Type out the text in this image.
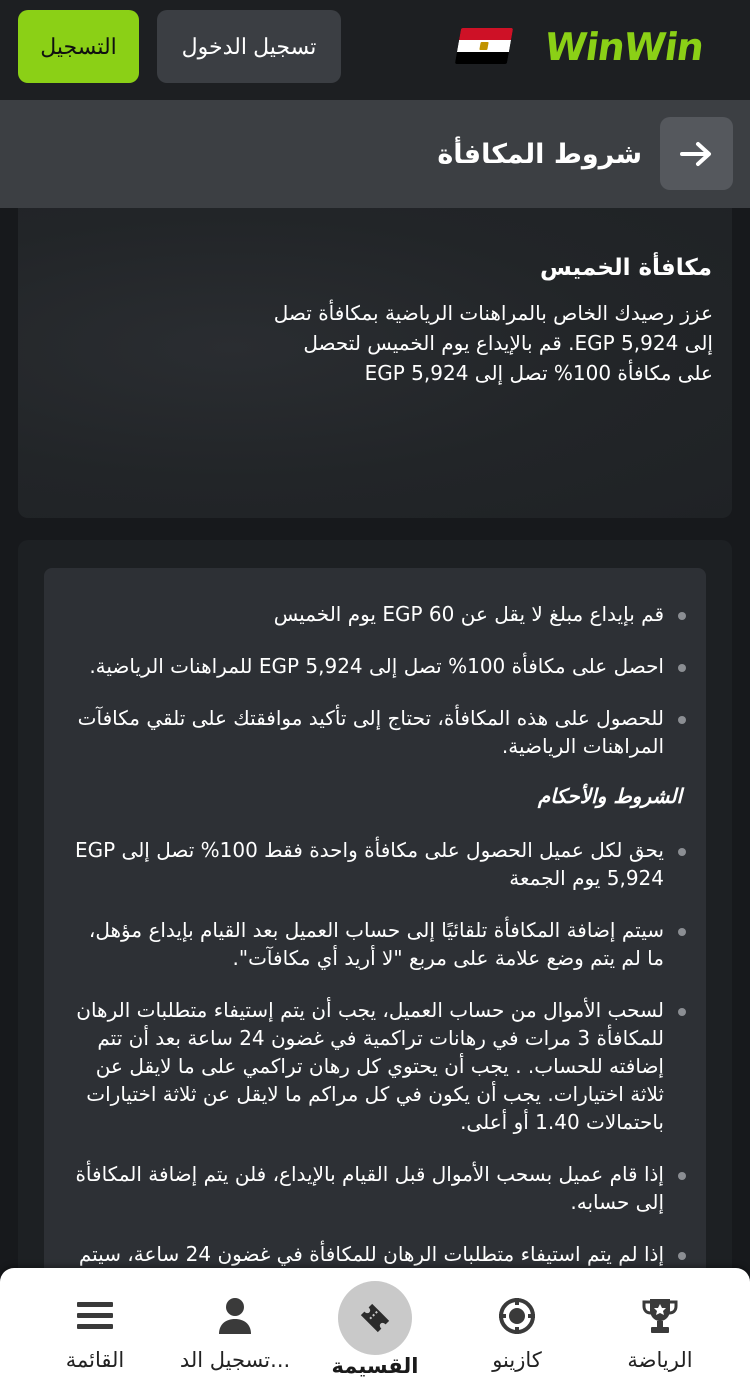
التسجيل	تسجيل الدخول	WinWin
شروط المكافأة
مكافأة الخميس
عزز رصيدك الخاص بالمراهنات الرياضية بمكافأة تصل إلى EGP 5,924. قم بالإيداع يوم الخميس لتحصل على مكافأة 100% تصل إلى EGP 5,924
قم بإيداع مبلغ لا يقل عن EGP 60 يوم الخميس
احصل على مكافأة 100% تصل إلى EGP 5,924 للمراهنات الرياضية.
للحصول على هذه المكافأة، تحتاج إلى تأكيد موافقتك على تلقي مكافآت المراهنات الرياضية.
الشروط والأحكام
يحق لكل عميل الحصول على مكافأة واحدة فقط 100% تصل إلى EGP 5,924 يوم الجمعة
سيتم إضافة المكافأة تلقائيًا إلى حساب العميل بعد القيام بإيداع مؤهل، ما لم يتم وضع علامة على مربع "لا أريد أي مكافآت".
لسحب الأموال من حساب العميل، يجب أن يتم إستيفاء متطلبات الرهان للمكافأة 3 مرات في رهانات تراكمية في غضون 24 ساعة بعد أن تتم إضافته للحساب. . يجب أن يحتوي كل رهان تراكمي على ما لايقل عن ثلاثة اختيارات. يجب أن يكون في كل مراكم ما لايقل عن ثلاثة اختيارات باحتمالات 1.40 أو أعلى.
إذا قام عميل بسحب الأموال قبل القيام بالإيداع، فلن يتم إضافة المكافأة إلى حسابه.
إذا لم يتم استيفاء متطلبات الرهان للمكافأة في غضون 24 ساعة، سيتم
الرياضة
كازينو
تسجيل الد...
القائمة	القسيمة
